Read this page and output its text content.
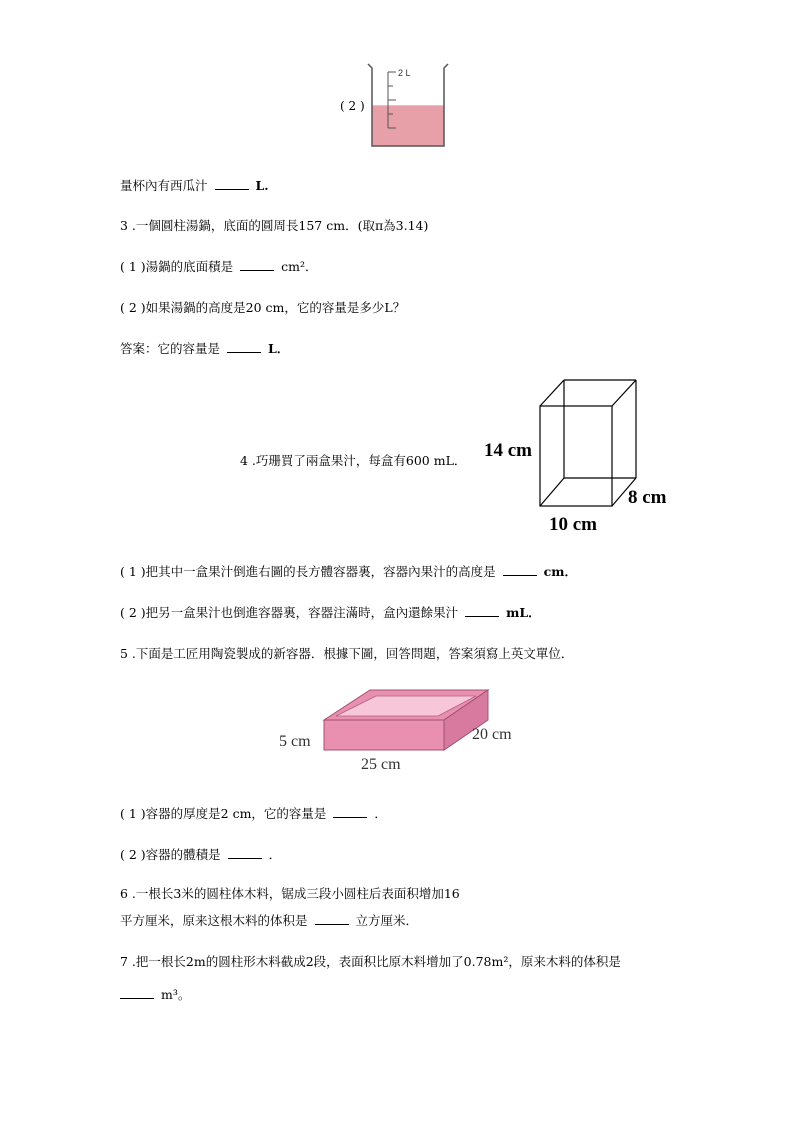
( 2 )
2 L
量杯內有西瓜汁	L.
3 .一個圓柱湯鍋，底面的圓周長157 cm．(取π為3.14)
( 1 )湯鍋的底面積是	cm²．
( 2 )如果湯鍋的高度是20 cm，它的容量是多少L？
答案：它的容量是	L．
4 .巧珊買了兩盒果汁，每盒有600 mL． 14 cm
8 cm
10 cm
( 1 )把其中一盒果汁倒進右圖的長方體容器裏，容器內果汁的高度是	cm．
( 2 )把另一盒果汁也倒進容器裏，容器注滿時，盒內還餘果汁	mL．
5 .下面是工匠用陶瓷製成的新容器．根據下圖，回答問題，答案須寫上英文單位．
5 cm	20 cm
25 cm
( 1 )容器的厚度是2 cm，它的容量是	．
( 2 )容器的體積是	．
6 .一根长3米的圆柱体木料，锯成三段小圆柱后表面积增加16
平方厘米，原来这根木料的体积是	立方厘米．
7 .把一根长2m的圆柱形木料截成2段，表面积比原木料增加了0.78m²，原来木料的体积是
m³。
